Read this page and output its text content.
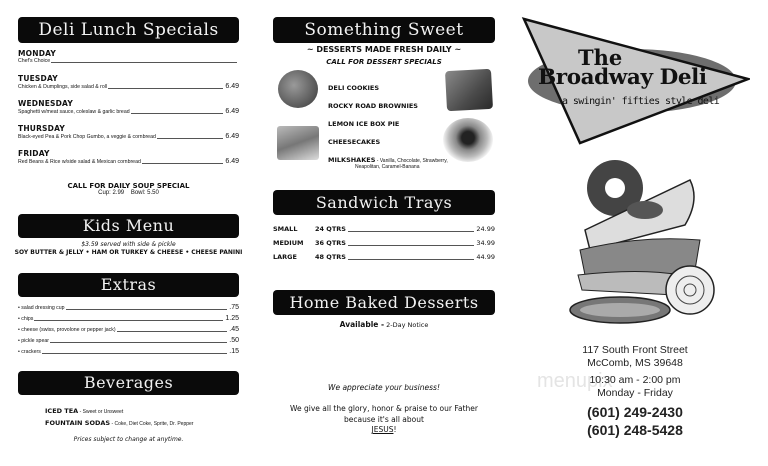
Deli Lunch Specials
MONDAY
Chef's Choice
TUESDAY
Chicken & Dumplings, side salad & roll	6.49
WEDNESDAY
Spaghetti w/meat sauce, coleslaw & garlic bread	6.49
THURSDAY
Black-eyed Pea & Pork Chop Gumbo, a veggie & cornbread	6.49
FRIDAY
Red Beans & Rice w/side salad & Mexican cornbread	6.49
CALL FOR DAILY SOUP SPECIAL
Cup: 2.99 Bowl: 5.50
Kids Menu
$3.59 served with side & pickle
SOY BUTTER & JELLY • HAM OR TURKEY & CHEESE • CHEESE PANINI
Extras
• salad dressing cup	.75
• chips	1.25
• cheese (swiss, provolone or pepper jack)	.45
• pickle spear	.50
• crackers	.15
Beverages
ICED TEA - Sweet or Unsweet
FOUNTAIN SODAS - Coke, Diet Coke, Sprite, Dr. Pepper
Prices subject to change at anytime.
Something Sweet
~ DESSERTS MADE FRESH DAILY ~
CALL FOR DESSERT SPECIALS
DELI COOKIES
ROCKY ROAD BROWNIES
LEMON ICE BOX PIE
CHEESECAKES
MILKSHAKES - Vanilla, Chocolate, Strawberry,
Neapolitan, Caramel-Banana
Sandwich Trays
SMALL	24 QTRS	24.99
MEDIUM	36 QTRS	34.99
LARGE	48 QTRS	44.99
Home Baked Desserts
Available - 2-Day Notice
We appreciate your business!
We give all the glory, honor & praise to our Father
because it's all about
JESUS!
The
Broadway Deli
a swingin' fifties style deli
menupix
117 South Front Street
McComb, MS 39648
10:30 am - 2:00 pm
Monday - Friday
(601) 249-2430
(601) 248-5428
